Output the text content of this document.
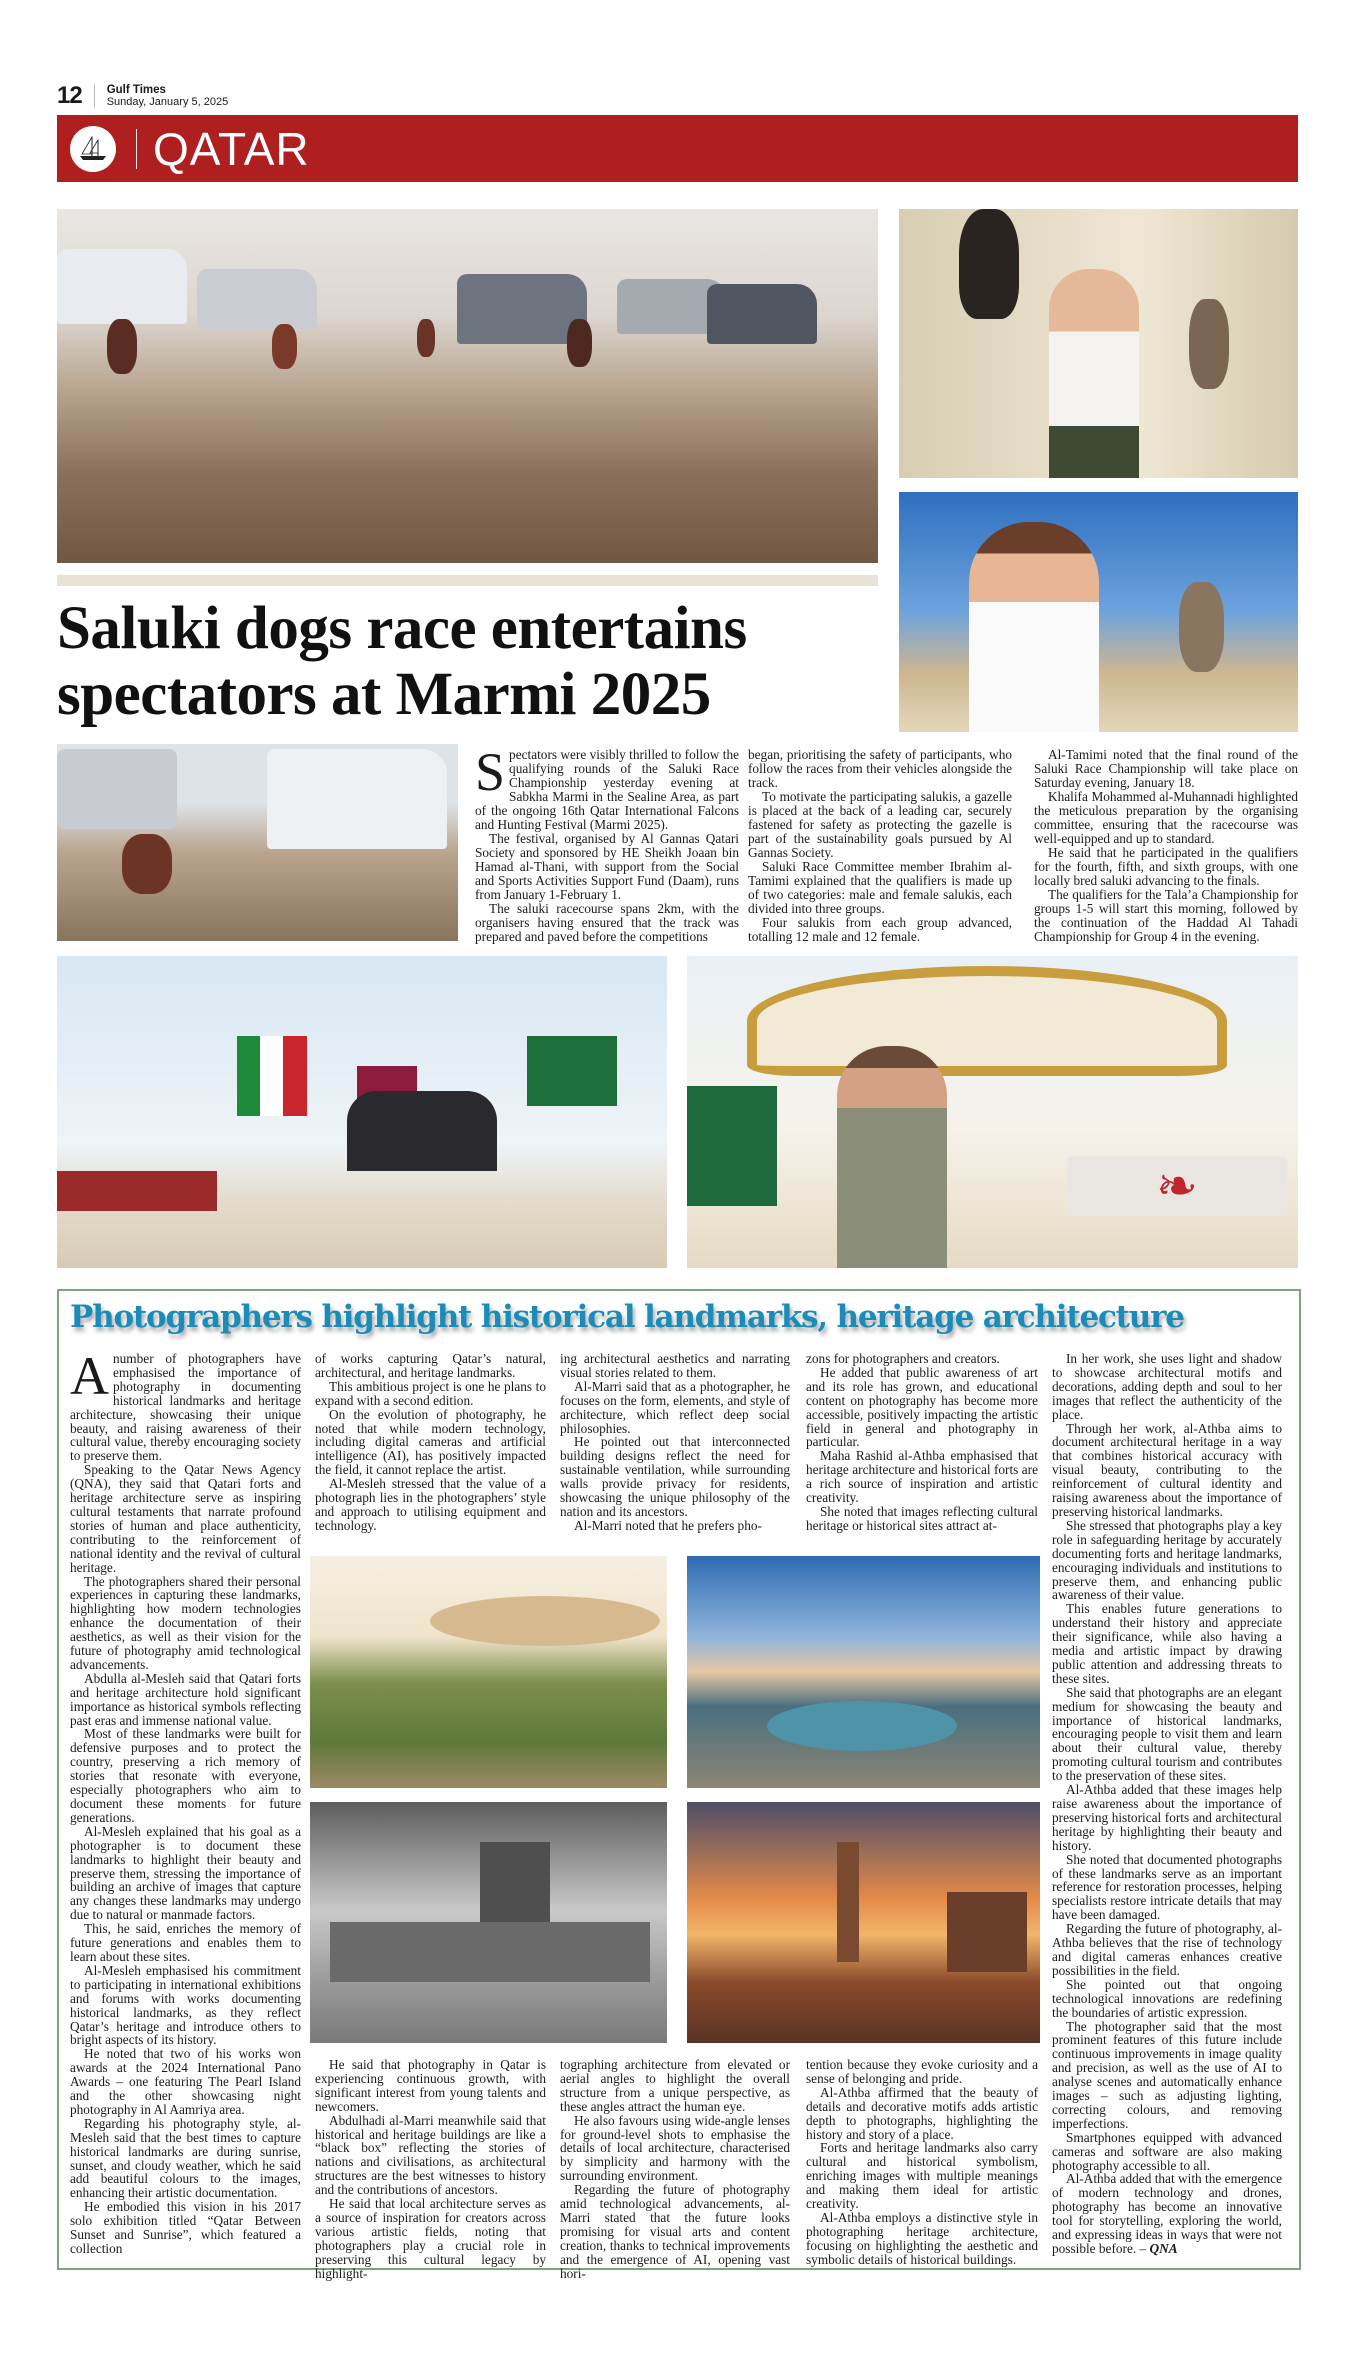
12 Gulf Times
Sunday, January 5, 2025
QATAR
Saluki dogs race entertains spectators at Marmi 2025

Spectators were visibly thrilled to follow the qualifying rounds of the Saluki Race Championship yesterday evening at Sabkha Marmi in the Sealine Area, as part of the ongoing 16th Qatar International Falcons and Hunting Festival (Marmi 2025).

The festival, organised by Al Gannas Qatari Society and sponsored by HE Sheikh Joaan bin Hamad al-Thani, with support from the Social and Sports Activities Support Fund (Daam), runs from January 1-February 1.

The saluki racecourse spans 2km, with the organisers having ensured that the track was prepared and paved before the competitions

began, prioritising the safety of participants, who follow the races from their vehicles alongside the track.

To motivate the participating salukis, a gazelle is placed at the back of a leading car, securely fastened for safety as protecting the gazelle is part of the sustainability goals pursued by Al Gannas Society.

Saluki Race Committee member Ibrahim al-Tamimi explained that the qualifiers is made up of two categories: male and female salukis, each divided into three groups.

Four salukis from each group advanced, totalling 12 male and 12 female.

Al-Tamimi noted that the final round of the Saluki Race Championship will take place on Saturday evening, January 18.

Khalifa Mohammed al-Muhannadi highlighted the meticulous preparation by the organising committee, ensuring that the racecourse was well-equipped and up to standard.

He said that he participated in the qualifiers for the fourth, fifth, and sixth groups, with one locally bred saluki advancing to the finals.

The qualifiers for the Tala’a Championship for groups 1-5 will start this morning, followed by the continuation of the Haddad Al Tahadi Championship for Group 4 in the evening.

❧
Photographers highlight historical landmarks, heritage architecture

Anumber of photographers have emphasised the importance of photography in documenting historical landmarks and heritage architecture, showcasing their unique beauty, and raising awareness of their cultural value, thereby encouraging society to preserve them.

Speaking to the Qatar News Agency (QNA), they said that Qatari forts and heritage architecture serve as inspiring cultural testaments that narrate profound stories of human and place authenticity, contributing to the reinforcement of national identity and the revival of cultural heritage.

The photographers shared their personal experiences in capturing these landmarks, highlighting how modern technologies enhance the documentation of their aesthetics, as well as their vision for the future of photography amid technological advancements.

Abdulla al-Mesleh said that Qatari forts and heritage architecture hold significant importance as historical symbols reflecting past eras and immense national value.

Most of these landmarks were built for defensive purposes and to protect the country, preserving a rich memory of stories that resonate with everyone, especially photographers who aim to document these moments for future generations.

Al-Mesleh explained that his goal as a photographer is to document these landmarks to highlight their beauty and preserve them, stressing the importance of building an archive of images that capture any changes these landmarks may undergo due to natural or manmade factors.

This, he said, enriches the memory of future generations and enables them to learn about these sites.

Al-Mesleh emphasised his commitment to participating in international exhibitions and forums with works documenting historical landmarks, as they reflect Qatar’s heritage and introduce others to bright aspects of its history.

He noted that two of his works won awards at the 2024 International Pano Awards – one featuring The Pearl Island and the other showcasing night photography in Al Aamriya area.

Regarding his photography style, al-Mesleh said that the best times to capture historical landmarks are during sunrise, sunset, and cloudy weather, which he said add beautiful colours to the images, enhancing their artistic documentation.

He embodied this vision in his 2017 solo exhibition titled “Qatar Between Sunset and Sunrise”, which featured a collection

of works capturing Qatar’s natural, architectural, and heritage landmarks.

This ambitious project is one he plans to expand with a second edition.

On the evolution of photography, he noted that while modern technology, including digital cameras and artificial intelligence (AI), has positively impacted the field, it cannot replace the artist.

Al-Mesleh stressed that the value of a photograph lies in the photographers’ style and approach to utilising equipment and technology.

ing architectural aesthetics and narrating visual stories related to them.

Al-Marri said that as a photographer, he focuses on the form, elements, and style of architecture, which reflect deep social philosophies.

He pointed out that interconnected building designs reflect the need for sustainable ventilation, while surrounding walls provide privacy for residents, showcasing the unique philosophy of the nation and its ancestors.

Al-Marri noted that he prefers pho-

zons for photographers and creators.

He added that public awareness of art and its role has grown, and educational content on photography has become more accessible, positively impacting the artistic field in general and photography in particular.

Maha Rashid al-Athba emphasised that heritage architecture and historical forts are a rich source of inspiration and artistic creativity.

She noted that images reflecting cultural heritage or historical sites attract at-

In her work, she uses light and shadow to showcase architectural motifs and decorations, adding depth and soul to her images that reflect the authenticity of the place.

Through her work, al-Athba aims to document architectural heritage in a way that combines historical accuracy with visual beauty, contributing to the reinforcement of cultural identity and raising awareness about the importance of preserving historical landmarks.

She stressed that photographs play a key role in safeguarding heritage by accurately documenting forts and heritage landmarks, encouraging individuals and institutions to preserve them, and enhancing public awareness of their value.

This enables future generations to understand their history and appreciate their significance, while also having a media and artistic impact by drawing public attention and addressing threats to these sites.

She said that photographs are an elegant medium for showcasing the beauty and importance of historical landmarks, encouraging people to visit them and learn about their cultural value, thereby promoting cultural tourism and contributes to the preservation of these sites.

Al-Athba added that these images help raise awareness about the importance of preserving historical forts and architectural heritage by highlighting their beauty and history.

She noted that documented photographs of these landmarks serve as an important reference for restoration processes, helping specialists restore intricate details that may have been damaged.

Regarding the future of photography, al-Athba believes that the rise of technology and digital cameras enhances creative possibilities in the field.

She pointed out that ongoing technological innovations are redefining the boundaries of artistic expression.

The photographer said that the most prominent features of this future include continuous improvements in image quality and precision, as well as the use of AI to analyse scenes and automatically enhance images – such as adjusting lighting, correcting colours, and removing imperfections.

Smartphones equipped with advanced cameras and software are also making photography accessible to all.

Al-Athba added that with the emergence of modern technology and drones, photography has become an innovative tool for storytelling, exploring the world, and expressing ideas in ways that were not possible before. – QNA

He said that photography in Qatar is experiencing continuous growth, with significant interest from young talents and newcomers.

Abdulhadi al-Marri meanwhile said that historical and heritage buildings are like a “black box” reflecting the stories of nations and civilisations, as architectural structures are the best witnesses to history and the contributions of ancestors.

He said that local architecture serves as a source of inspiration for creators across various artistic fields, noting that photographers play a crucial role in preserving this cultural legacy by highlight-

tographing architecture from elevated or aerial angles to highlight the overall structure from a unique perspective, as these angles attract the human eye.

He also favours using wide-angle lenses for ground-level shots to emphasise the details of local architecture, characterised by simplicity and harmony with the surrounding environment.

Regarding the future of photography amid technological advancements, al-Marri stated that the future looks promising for visual arts and content creation, thanks to technical improvements and the emergence of AI, opening vast hori-

tention because they evoke curiosity and a sense of belonging and pride.

Al-Athba affirmed that the beauty of details and decorative motifs adds artistic depth to photographs, highlighting the history and story of a place.

Forts and heritage landmarks also carry cultural and historical symbolism, enriching images with multiple meanings and making them ideal for artistic creativity.

Al-Athba employs a distinctive style in photographing heritage architecture, focusing on highlighting the aesthetic and symbolic details of historical buildings.
